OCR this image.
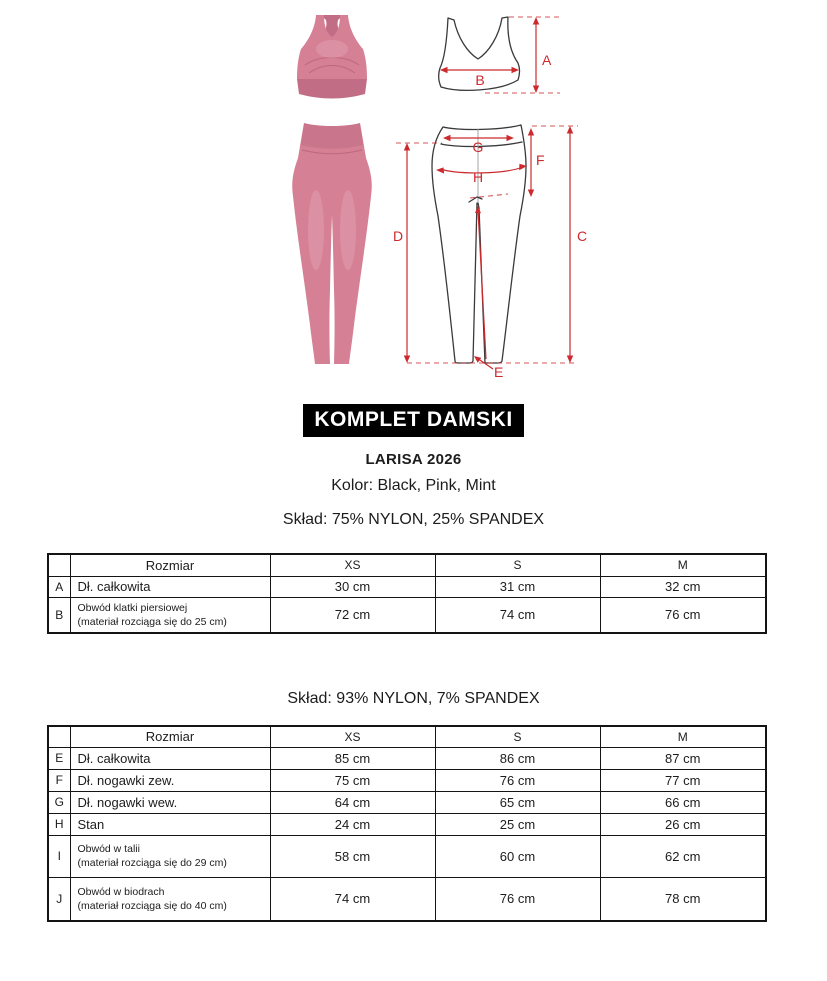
A
B
G
H
F
C
D
E
KOMPLET DAMSKI
LARISA 2026
Kolor: Black, Pink, Mint
Skład: 75% NYLON, 25% SPANDEX
	Rozmiar	XS	S	M
A	Dł. całkowita	30 cm	31 cm	32 cm
B	Obwód klatki piersiowej
(materiał rozciąga się do 25 cm)	72 cm	74 cm	76 cm
Skład: 93% NYLON, 7% SPANDEX
	Rozmiar	XS	S	M
E	Dł. całkowita	85 cm	86 cm	87 cm
F	Dł. nogawki zew.	75 cm	76 cm	77 cm
G	Dł. nogawki wew.	64 cm	65 cm	66 cm
H	Stan	24 cm	25 cm	26 cm
I	Obwód w talii
(materiał rozciąga się do 29 cm)	58 cm	60 cm	62 cm
J	Obwód w biodrach
(materiał rozciąga się do 40 cm)	74 cm	76 cm	78 cm
